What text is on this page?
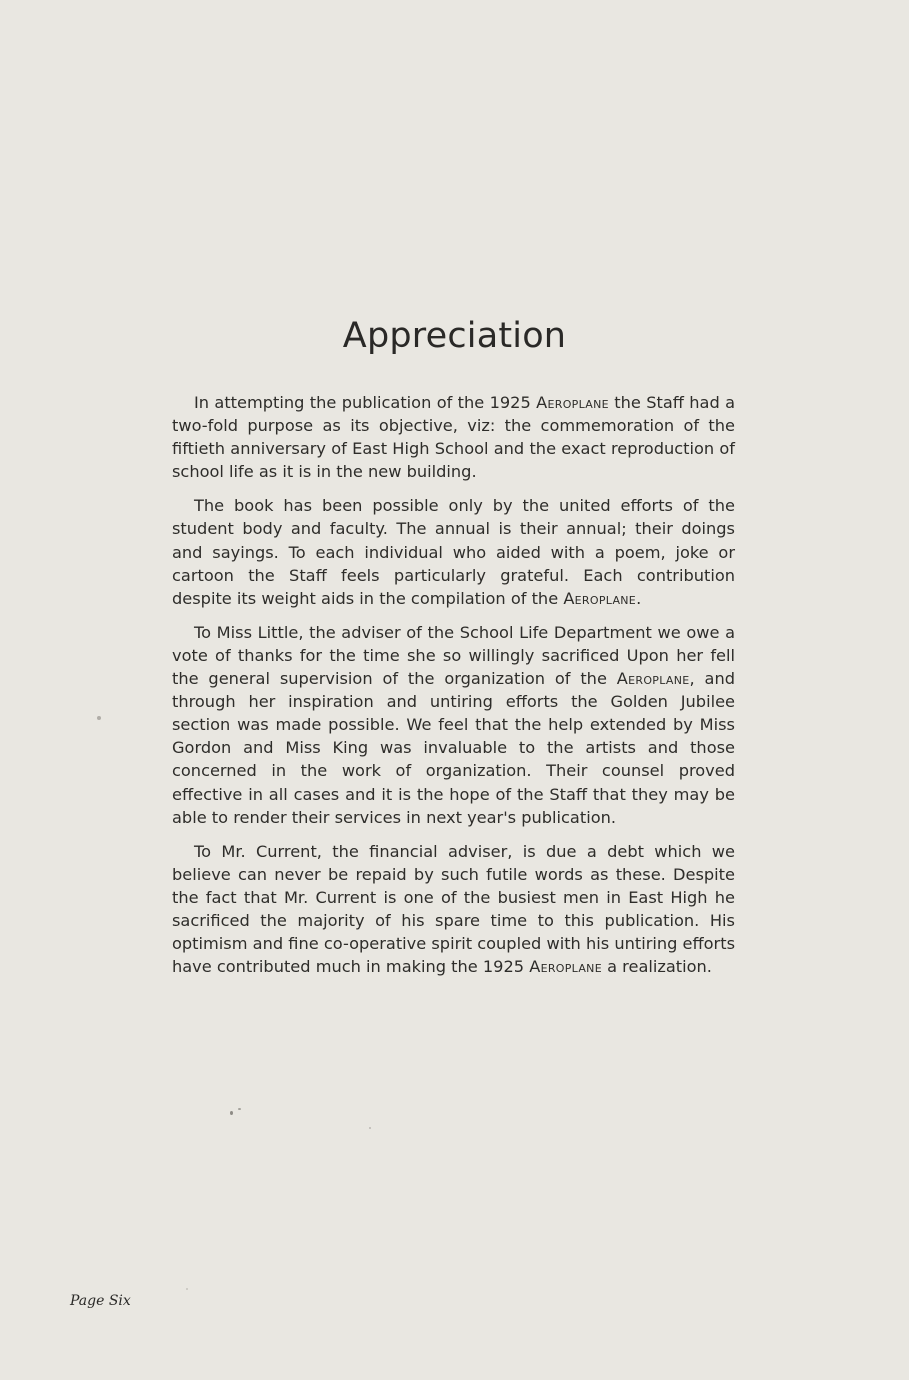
Appreciation

In attempting the publication of the 1925 Aeroplane the Staff had a two-fold purpose as its objective, viz: the commemoration of the fiftieth anniversary of East High School and the exact reproduction of school life as it is in the new building.

The book has been possible only by the united efforts of the student body and faculty. The annual is their annual; their doings and sayings. To each individual who aided with a poem, joke or cartoon the Staff feels particularly grateful. Each contribution despite its weight aids in the compilation of the Aeroplane.

To Miss Little, the adviser of the School Life Department we owe a vote of thanks for the time she so willingly sacrificed Upon her fell the general supervision of the organization of the Aeroplane, and through her inspiration and untiring efforts the Golden Jubilee section was made possible. We feel that the help extended by Miss Gordon and Miss King was invaluable to the artists and those concerned in the work of organization. Their counsel proved effective in all cases and it is the hope of the Staff that they may be able to render their services in next year's publication.

To Mr. Current, the financial adviser, is due a debt which we believe can never be repaid by such futile words as these. Despite the fact that Mr. Current is one of the busiest men in East High he sacrificed the majority of his spare time to this publication. His optimism and fine co-operative spirit coupled with his untiring efforts have contributed much in making the 1925 Aeroplane a realization.

Page Six
